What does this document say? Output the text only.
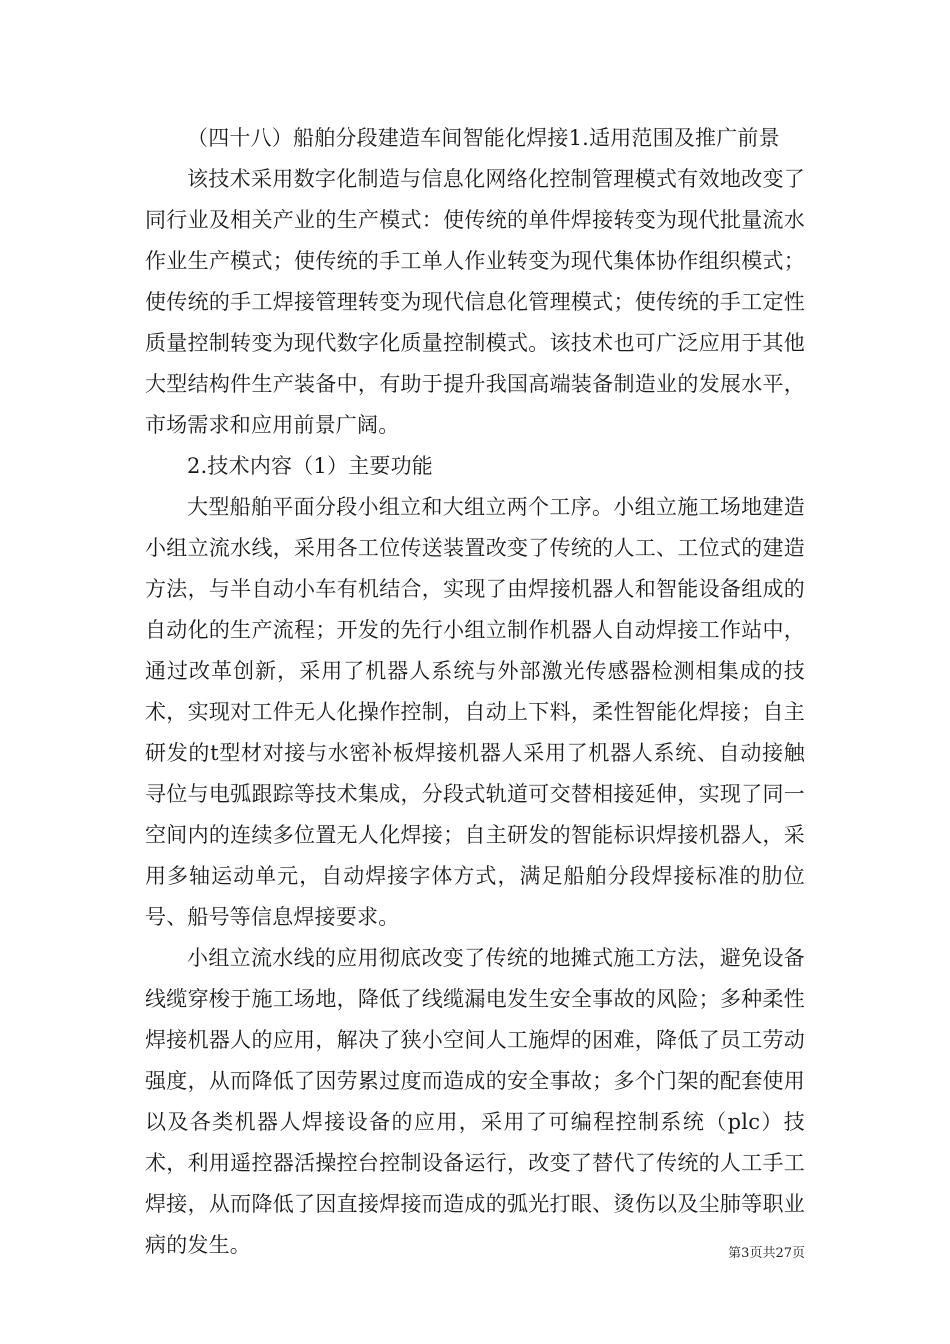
（四十八）船舶分段建造车间智能化焊接1.适用范围及推广前景

该技术采用数字化制造与信息化网络化控制管理模式有效地改变了同行业及相关产业的生产模式：使传统的单件焊接转变为现代批量流水作业生产模式；使传统的手工单人作业转变为现代集体协作组织模式；使传统的手工焊接管理转变为现代信息化管理模式；使传统的手工定性质量控制转变为现代数字化质量控制模式。该技术也可广泛应用于其他大型结构件生产装备中，有助于提升我国高端装备制造业的发展水平，市场需求和应用前景广阔。

2.技术内容（1）主要功能

大型船舶平面分段小组立和大组立两个工序。小组立施工场地建造小组立流水线，采用各工位传送装置改变了传统的人工、工位式的建造方法，与半自动小车有机结合，实现了由焊接机器人和智能设备组成的自动化的生产流程；开发的先行小组立制作机器人自动焊接工作站中，通过改革创新，采用了机器人系统与外部激光传感器检测相集成的技术，实现对工件无人化操作控制，自动上下料，柔性智能化焊接；自主研发的t型材对接与水密补板焊接机器人采用了机器人系统、自动接触寻位与电弧跟踪等技术集成，分段式轨道可交替相接延伸，实现了同一空间内的连续多位置无人化焊接；自主研发的智能标识焊接机器人，采用多轴运动单元，自动焊接字体方式，满足船舶分段焊接标准的肋位号、船号等信息焊接要求。

小组立流水线的应用彻底改变了传统的地摊式施工方法，避免设备线缆穿梭于施工场地，降低了线缆漏电发生安全事故的风险；多种柔性焊接机器人的应用，解决了狭小空间人工施焊的困难，降低了员工劳动强度，从而降低了因劳累过度而造成的安全事故；多个门架的配套使用以及各类机器人焊接设备的应用，采用了可编程控制系统（plc）技术，利用遥控器活操控台控制设备运行，改变了替代了传统的人工手工焊接，从而降低了因直接焊接而造成的弧光打眼、烫伤以及尘肺等职业病的发生。	第3页共27页
